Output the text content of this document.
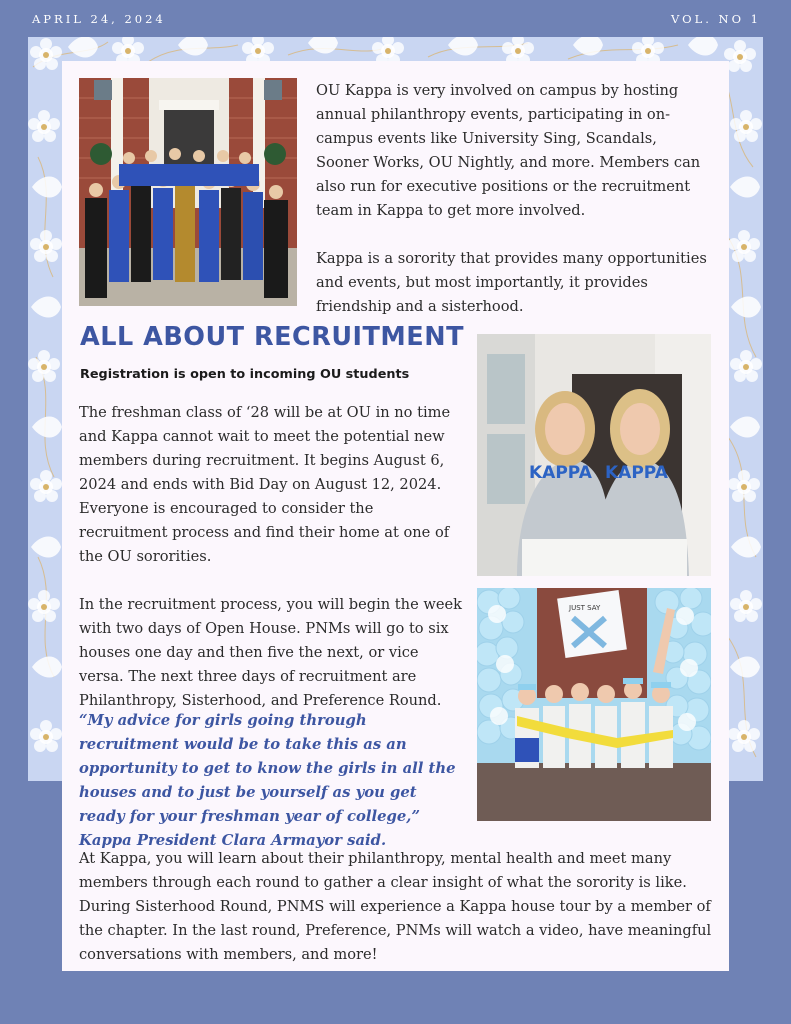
APRIL 24, 2024	VOL. NO 1
KAPPA KAPPA
JUST SAY

OU Kappa is very involved on campus by hosting annual philanthropy events, participating in on-campus events like University Sing, Scandals, Sooner Works, OU Nightly, and more. Members can also run for executive positions or the recruitment team in Kappa to get more involved.

Kappa is a sorority that provides many opportunities and events, but most importantly, it provides friendship and a sisterhood.

ALL ABOUT RECRUITMENT
Registration is open to incoming OU students

The freshman class of ‘28 will be at OU in no time and Kappa cannot wait to meet the potential new members during recruitment. It begins August 6, 2024 and ends with Bid Day on August 12, 2024. Everyone is encouraged to consider the recruitment process and find their home at one of the OU sororities.

In the recruitment process, you will begin the week with two days of Open House. PNMs will go to six houses one day and then five the next, or vice versa. The next three days of recruitment are Philanthropy, Sisterhood, and Preference Round.

“My advice for girls going through recruitment would be to take this as an opportunity to get to know the girls in all the houses and to just be yourself as you get ready for your freshman year of college,” Kappa President Clara Armayor said.
At Kappa, you will learn about their philanthropy, mental health and meet many members through each round to gather a clear insight of what the sorority is like. During Sisterhood Round, PNMS will experience a Kappa house tour by a member of the chapter. In the last round, Preference, PNMs will watch a video, have meaningful conversations with members, and more!
